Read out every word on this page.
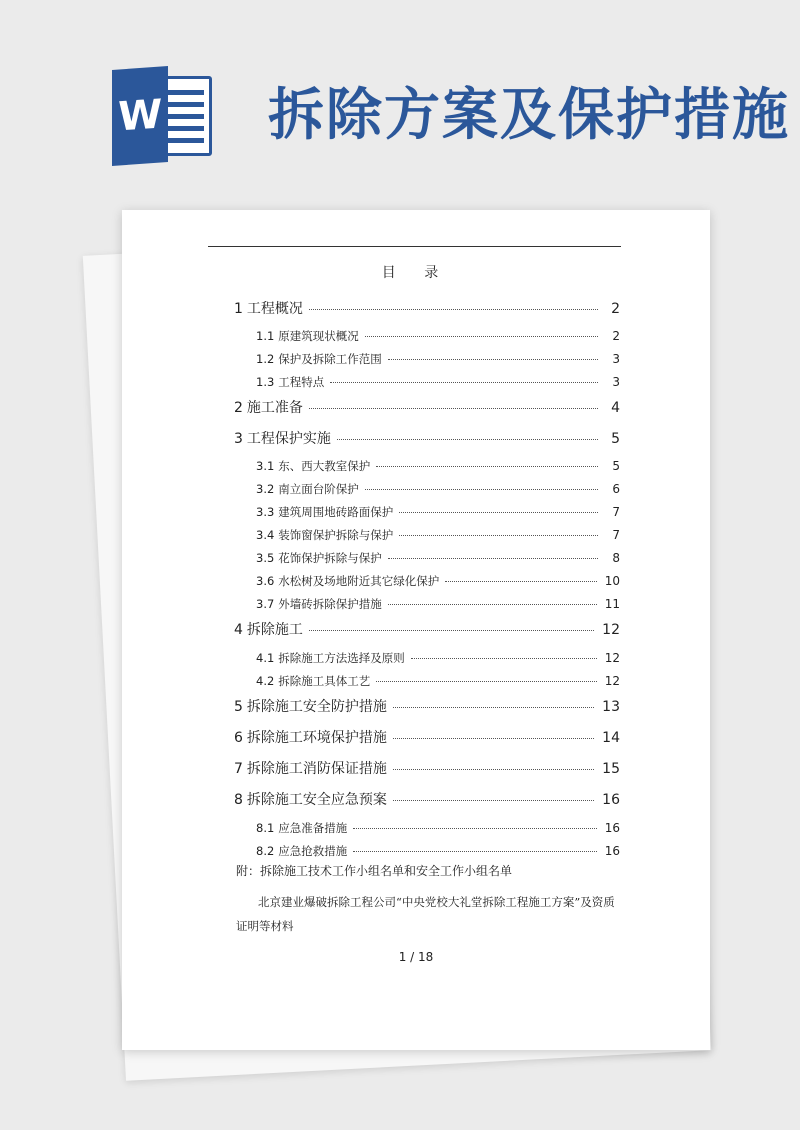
W 拆除方案及保护措施
目 录
1 工程概况	2
1.1 原建筑现状概况	2
1.2 保护及拆除工作范围	3
1.3 工程特点	3
2 施工准备	4
3 工程保护实施	5
3.1 东、西大教室保护	5
3.2 南立面台阶保护	6
3.3 建筑周围地砖路面保护	7
3.4 装饰窗保护拆除与保护	7
3.5 花饰保护拆除与保护	8
3.6 水松树及场地附近其它绿化保护	10
3.7 外墙砖拆除保护措施	11
4 拆除施工	12
4.1 拆除施工方法选择及原则	12
4.2 拆除施工具体工艺	12
5 拆除施工安全防护措施	13
6 拆除施工环境保护措施	14
7 拆除施工消防保证措施	15
8 拆除施工安全应急预案	16
8.1 应急准备措施	16
8.2 应急抢救措施	16
附：拆除施工技术工作小组名单和安全工作小组名单
北京建业爆破拆除工程公司“中央党校大礼堂拆除工程施工方案”及资质证明等材料
1 / 18
